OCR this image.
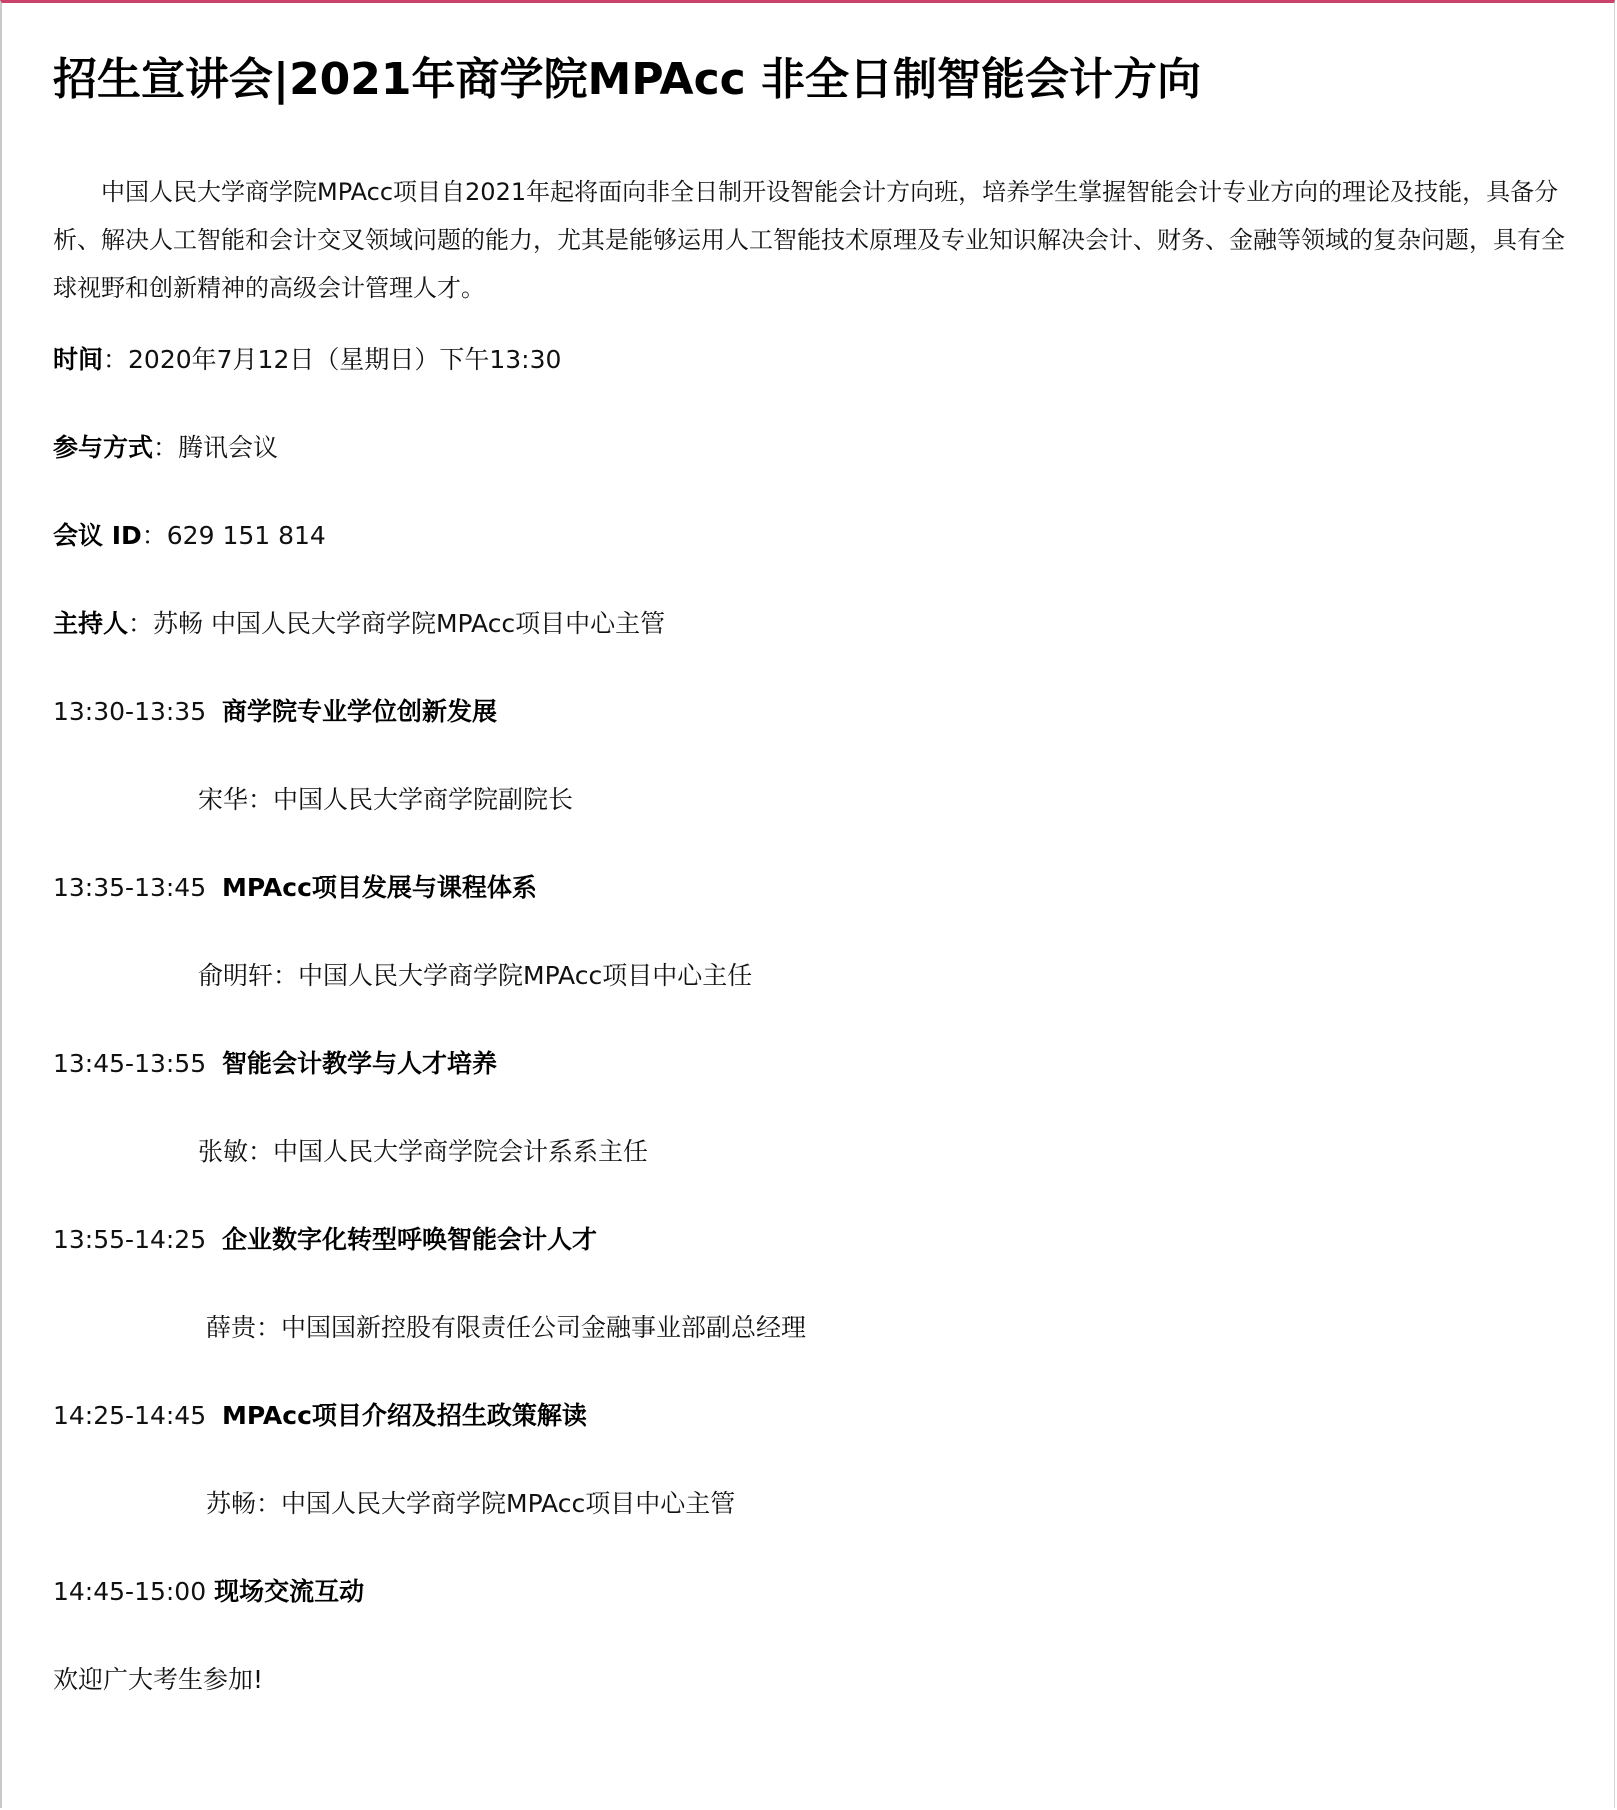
招生宣讲会|2021年商学院MPAcc 非全日制智能会计方向

中国人民大学商学院MPAcc项目自2021年起将面向非全日制开设智能会计方向班，培养学生掌握智能会计专业方向的理论及技能，具备分析、解决人工智能和会计交叉领域问题的能力，尤其是能够运用人工智能技术原理及专业知识解决会计、财务、金融等领域的复杂问题，具有全球视野和创新精神的高级会计管理人才。

时间：2020年7月12日（星期日）下午13:30
参与方式：腾讯会议
会议 ID：629 151 814
主持人：苏畅 中国人民大学商学院MPAcc项目中心主管
13:30-13:35 商学院专业学位创新发展
宋华：中国人民大学商学院副院长
13:35-13:45 MPAcc项目发展与课程体系
俞明轩：中国人民大学商学院MPAcc项目中心主任
13:45-13:55 智能会计教学与人才培养
张敏：中国人民大学商学院会计系系主任
13:55-14:25 企业数字化转型呼唤智能会计人才
薛贵：中国国新控股有限责任公司金融事业部副总经理
14:25-14:45 MPAcc项目介绍及招生政策解读
苏畅：中国人民大学商学院MPAcc项目中心主管
14:45-15:00 现场交流互动
欢迎广大考生参加!
